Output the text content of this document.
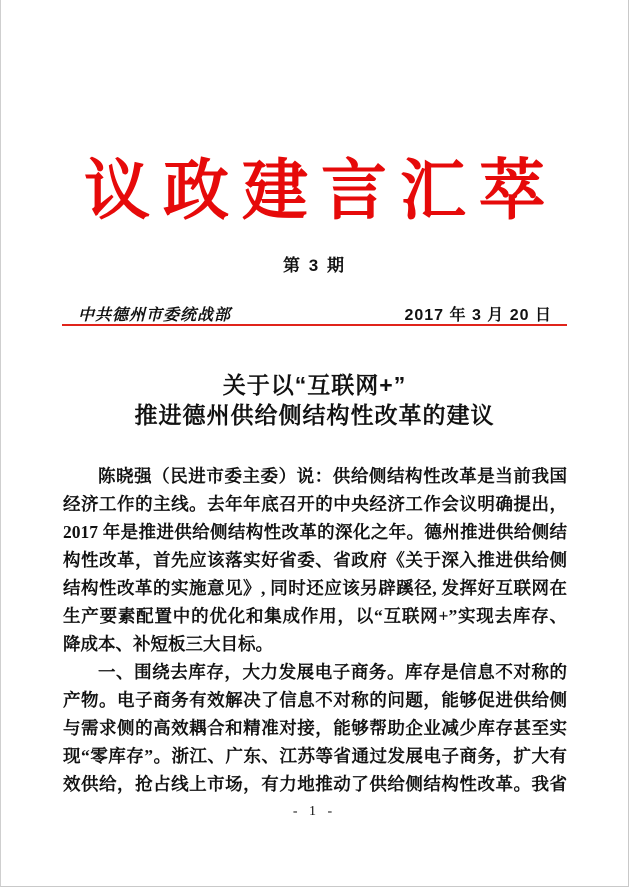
议政建言汇萃
第 3 期
中共德州市委统战部	2017 年 3 月 20 日
关于以“互联网+”
推进德州供给侧结构性改革的建议
陈晓强（民进市委主委）说：供给侧结构性改革是当前我国
经济工作的主线。去年年底召开的中央经济工作会议明确提出，
2017 年是推进供给侧结构性改革的深化之年。德州推进供给侧结
构性改革，首先应该落实好省委、省政府《关于深入推进供给侧
结构性改革的实施意见》, 同时还应该另辟蹊径, 发挥好互联网在
生产要素配置中的优化和集成作用，以“互联网+”实现去库存、
降成本、补短板三大目标。
一、围绕去库存，大力发展电子商务。库存是信息不对称的
产物。电子商务有效解决了信息不对称的问题，能够促进供给侧
与需求侧的高效耦合和精准对接，能够帮助企业减少库存甚至实
现“零库存”。浙江、广东、江苏等省通过发展电子商务，扩大有
效供给，抢占线上市场，有力地推动了供给侧结构性改革。我省
- 1 -
